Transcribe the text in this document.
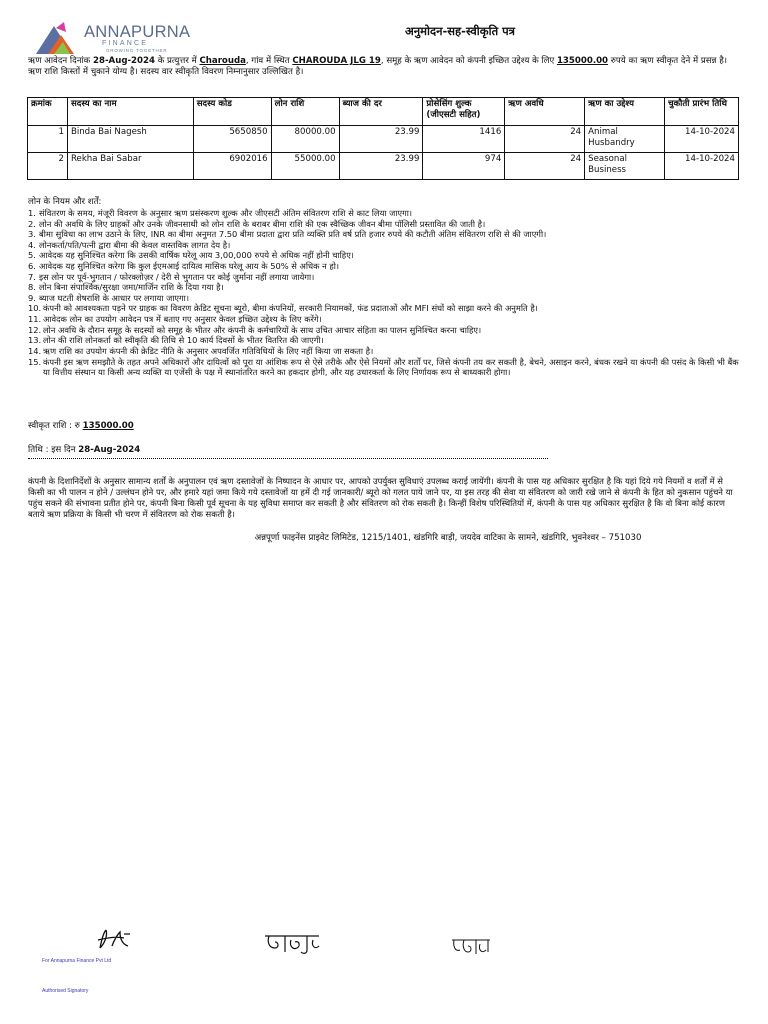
ANNAPURNA
FINANCE
GROWING TOGETHER
अनुमोदन-सह-स्वीकृति पत्र
ऋण आवेदन दिनांक 28-Aug-2024 के प्रत्युत्तर में Charouda, गांव में स्थित CHAROUDA JLG 19, समूह के ऋण आवेदन को कंपनी इच्छित उद्देश्य के लिए 135000.00 रुपये का ऋण स्वीकृत देने में प्रसन्न है। ऋण राशि किस्तों में चुकाने योग्य है। सदस्य वार स्वीकृति विवरण निम्नानुसार उल्लिखित है।
क्रमांक	सदस्य का नाम	सदस्य कोड	लोन राशि	ब्याज की दर	प्रोसेसिंग शुल्क (जीएसटी सहित)	ऋण अवधि	ऋण का उद्देश्य	चुकौती प्रारंभ तिथि
1	Binda Bai Nagesh	5650850	80000.00	23.99	1416	24	Animal Husbandry	14-10-2024
2	Rekha Bai Sabar	6902016	55000.00	23.99	974	24	Seasonal Business	14-10-2024
लोन के नियम और शर्तें:
1. संवितरण के समय, मंजूरी विवरण के अनुसार ऋण प्रसंस्करण शुल्क और जीएसटी अंतिम संवितरण राशि से काट लिया जाएगा।
2. लोन की अवधि के लिए ग्राहकों और उनके जीवनसाथी को लोन राशि के बराबर बीमा राशि की एक स्वैच्छिक जीवन बीमा पॉलिसी प्रस्तावित की जाती है।
3. बीमा सुविधा का लाभ उठाने के लिए, INR का बीमा अनुमत 7.50 बीमा प्रदाता द्वारा प्रति व्यक्ति प्रति वर्ष प्रति हजार रुपये की कटौती अंतिम संवितरण राशि से की जाएगी।
4. लोनकर्ता/पति/पत्नी द्वारा बीमा की केवल वास्तविक लागत देय है।
5. आवेदक यह सुनिश्चित करेगा कि उसकी वार्षिक घरेलू आय 3,00,000 रुपये से अधिक नहीं होनी चाहिए।
6. आवेदक यह सुनिश्चित करेगा कि कुल ईएमआई दायित्व मासिक घरेलू आय के 50% से अधिक न हो।
7. इस लोन पर पूर्व-भुगतान / फोरक्लोज़र / देरी से भुगतान पर कोई जुर्माना नहीं लगाया जायेगा।
8. लोन बिना संपार्श्विक/सुरक्षा जमा/मार्जिन राशि के दिया गया है।
9. ब्याज घटती शेषराशि के आधार पर लगाया जाएगा।
10. कंपनी को आवश्यकता पड़ने पर ग्राहक का विवरण क्रेडिट सूचना ब्यूरो, बीमा कंपनियों, सरकारी नियामकों, फंड प्रदाताओं और MFI संघों को साझा करने की अनुमति है।
11. आवेदक लोन का उपयोग आवेदन पत्र में बताए गए अनुसार केवल इच्छित उद्देश्य के लिए करेंगे।
12. लोन अवधि के दौरान समूह के सदस्यों को समूह के भीतर और कंपनी के कर्मचारियों के साथ उचित आचार संहिता का पालन सुनिश्चित करना चाहिए।
13. लोन की राशि लोनकर्ता को स्वीकृति की तिथि से 10 कार्य दिवसों के भीतर वितरित की जाएगी।
14. ऋण राशि का उपयोग कंपनी की क्रेडिट नीति के अनुसार अपवर्जित गतिविधियों के लिए नहीं किया जा सकता है।
15. कंपनी इस ऋण समझौते के तहत अपने अधिकारों और दायित्वों को पूरा या आंशिक रूप से ऐसे तरीके और ऐसे नियमों और शर्तों पर, जिसे कंपनी तय कर सकती है, बेचने, असाइन करने, बंधक रखने या कंपनी की पसंद के किसी भी बैंक या वित्तीय संस्थान या किसी अन्य व्यक्ति या एजेंसी के पक्ष में स्थानांतरित करने का हकदार होगी, और यह उधारकर्ता के लिए निर्णायक रूप से बाध्यकारी होगा।
स्वीकृत राशि : रु 135000.00
तिथि : इस दिन 28-Aug-2024
कंपनी के दिशानिर्देशों के अनुसार सामान्य शर्तों के अनुपालन एवं ऋण दस्तावेजों के निष्पादन के आधार पर, आपको उपर्युक्त सुविधाएं उपलब्ध कराई जायेंगी। कंपनी के पास यह अधिकार सुरक्षित है कि यहां दिये गये नियमों व शर्तों में से किसी का भी पालन न होने / उल्लंघन होने पर, और हमारे यहां जमा किये गये दस्तावेजों या हमें दी गई जानकारी/ ब्यूरो को गलत पाये जाने पर, या इस तरह की सेवा या संवितरण को जारी रखे जाने से कंपनी के हित को नुकसान पहुंचने या पहुंच सकने की संभावना प्रतीत होने पर, कंपनी बिना किसी पूर्व सूचना के यह सुविधा समाप्त कर सकती है और संवितरण को रोक सकती है। किन्हीं विशेष परिस्थितियों में, कंपनी के पास यह अधिकार सुरक्षित है कि वो बिना कोई कारण बताये ऋण प्रक्रिया के किसी भी चरण में संवितरण को रोक सकती है।
अन्नपूर्णा फाइनेंस प्राइवेट लिमिटेड, 1215/1401, खंडगिरि बाड़ी, जयदेव वाटिका के सामने, खंडगिरि, भुवनेश्वर – 751030
For Annapurna Finance Pvt Ltd
Authorised Signatory
